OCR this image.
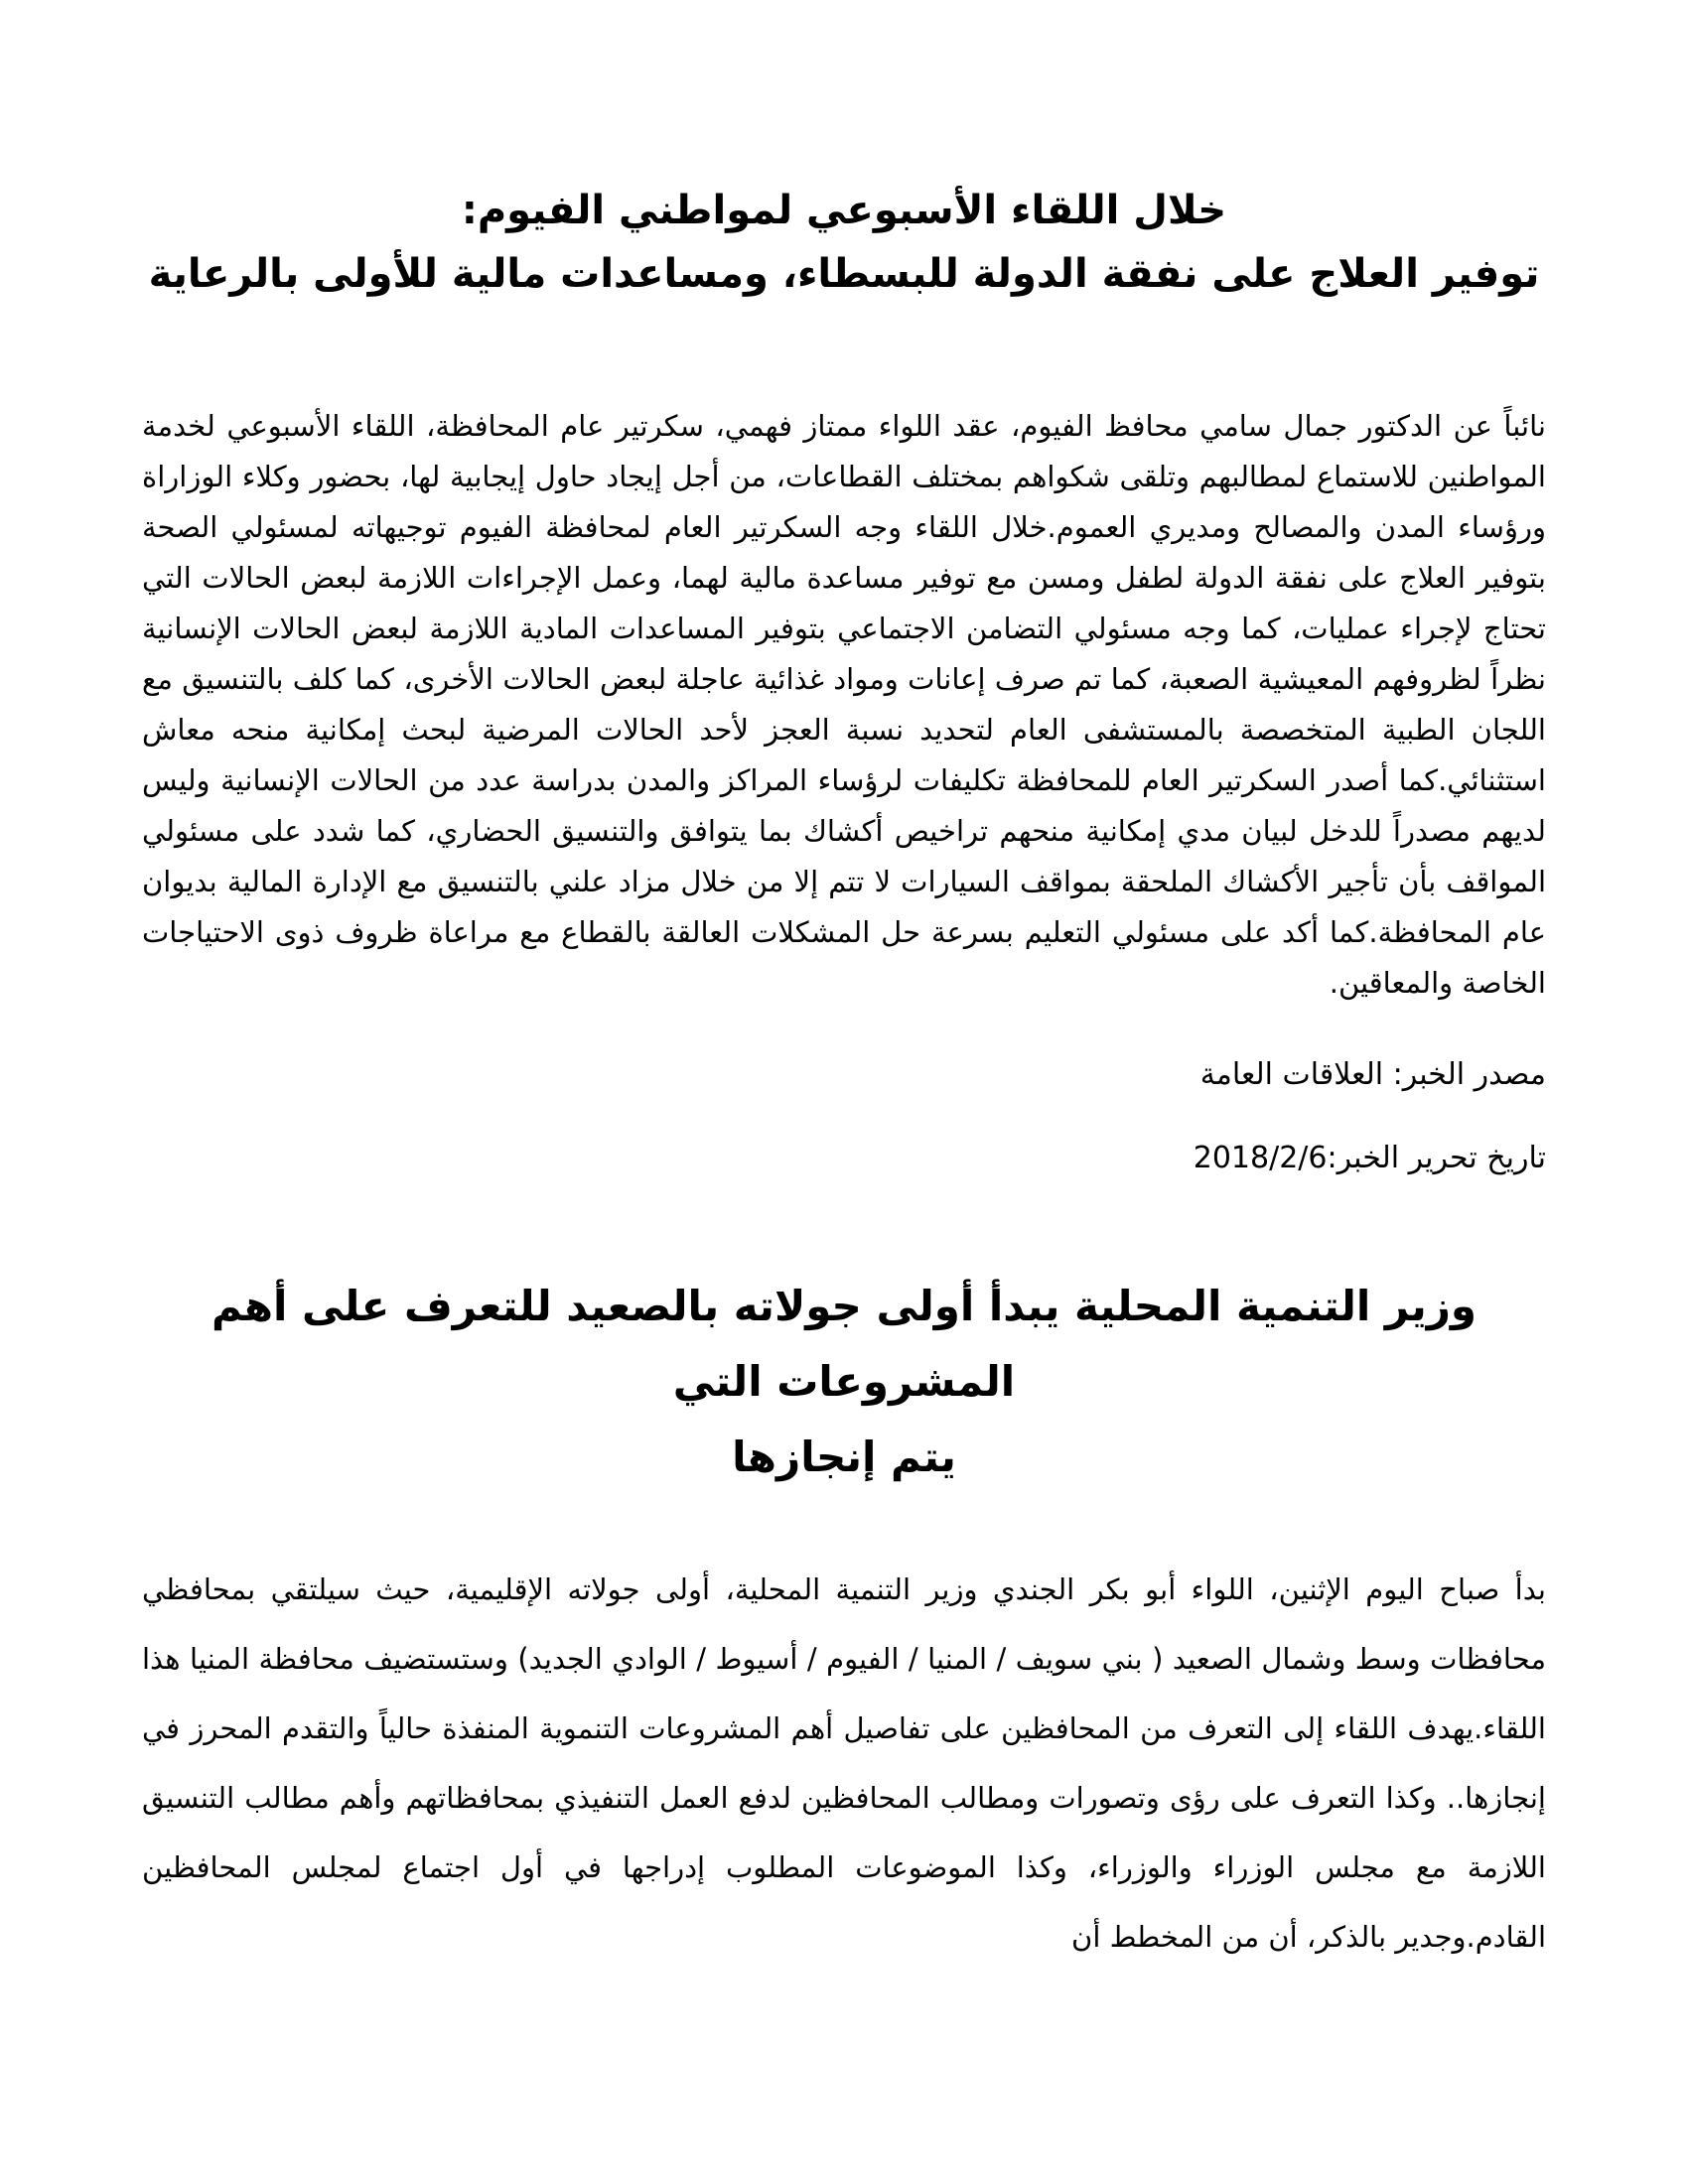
خلال اللقاء الأسبوعي لمواطني الفيوم:
توفير العلاج على نفقة الدولة للبسطاء، ومساعدات مالية للأولى بالرعاية

نائباً عن الدكتور جمال سامي محافظ الفيوم، عقد اللواء ممتاز فهمي، سكرتير عام المحافظة، اللقاء الأسبوعي لخدمة المواطنين للاستماع لمطالبهم وتلقى شكواهم بمختلف القطاعات، من أجل إيجاد حاول إيجابية لها، بحضور وكلاء الوزاراة ورؤساء المدن والمصالح ومديري العموم.خلال اللقاء وجه السكرتير العام لمحافظة الفيوم توجيهاته لمسئولي الصحة بتوفير العلاج على نفقة الدولة لطفل ومسن مع توفير مساعدة مالية لهما، وعمل الإجراءات اللازمة لبعض الحالات التي تحتاج لإجراء عمليات، كما وجه مسئولي التضامن الاجتماعي بتوفير المساعدات المادية اللازمة لبعض الحالات الإنسانية نظراً لظروفهم المعيشية الصعبة، كما تم صرف إعانات ومواد غذائية عاجلة لبعض الحالات الأخرى، كما كلف بالتنسيق مع اللجان الطبية المتخصصة بالمستشفى العام لتحديد نسبة العجز لأحد الحالات المرضية لبحث إمكانية منحه معاش استثنائي.كما أصدر السكرتير العام للمحافظة تكليفات لرؤساء المراكز والمدن بدراسة عدد من الحالات الإنسانية وليس لديهم مصدراً للدخل لبيان مدي إمكانية منحهم تراخيص أكشاك بما يتوافق والتنسيق الحضاري، كما شدد على مسئولي المواقف بأن تأجير الأكشاك الملحقة بمواقف السيارات لا تتم إلا من خلال مزاد علني بالتنسيق مع الإدارة المالية بديوان عام المحافظة.كما أكد على مسئولي التعليم بسرعة حل المشكلات العالقة بالقطاع مع مراعاة ظروف ذوى الاحتياجات الخاصة والمعاقين.

مصدر الخبر: العلاقات العامة

تاريخ تحرير الخبر:2018/2/6

وزير التنمية المحلية يبدأ أولى جولاته بالصعيد للتعرف على أهم المشروعات التي
يتم إنجازها

بدأ صباح اليوم الإثنين، اللواء أبو بكر الجندي وزير التنمية المحلية، أولى جولاته الإقليمية، حيث سيلتقي بمحافظي محافظات وسط وشمال الصعيد ( بني سويف / المنيا / الفيوم / أسيوط / الوادي الجديد) وستستضيف محافظة المنيا هذا اللقاء.يهدف اللقاء إلى التعرف من المحافظين على تفاصيل أهم المشروعات التنموية المنفذة حالياً والتقدم المحرز في إنجازها.. وكذا التعرف على رؤى وتصورات ومطالب المحافظين لدفع العمل التنفيذي بمحافظاتهم وأهم مطالب التنسيق اللازمة مع مجلس الوزراء والوزراء، وكذا الموضوعات المطلوب إدراجها في أول اجتماع لمجلس المحافظين القادم.وجدير بالذكر، أن من المخطط أن
